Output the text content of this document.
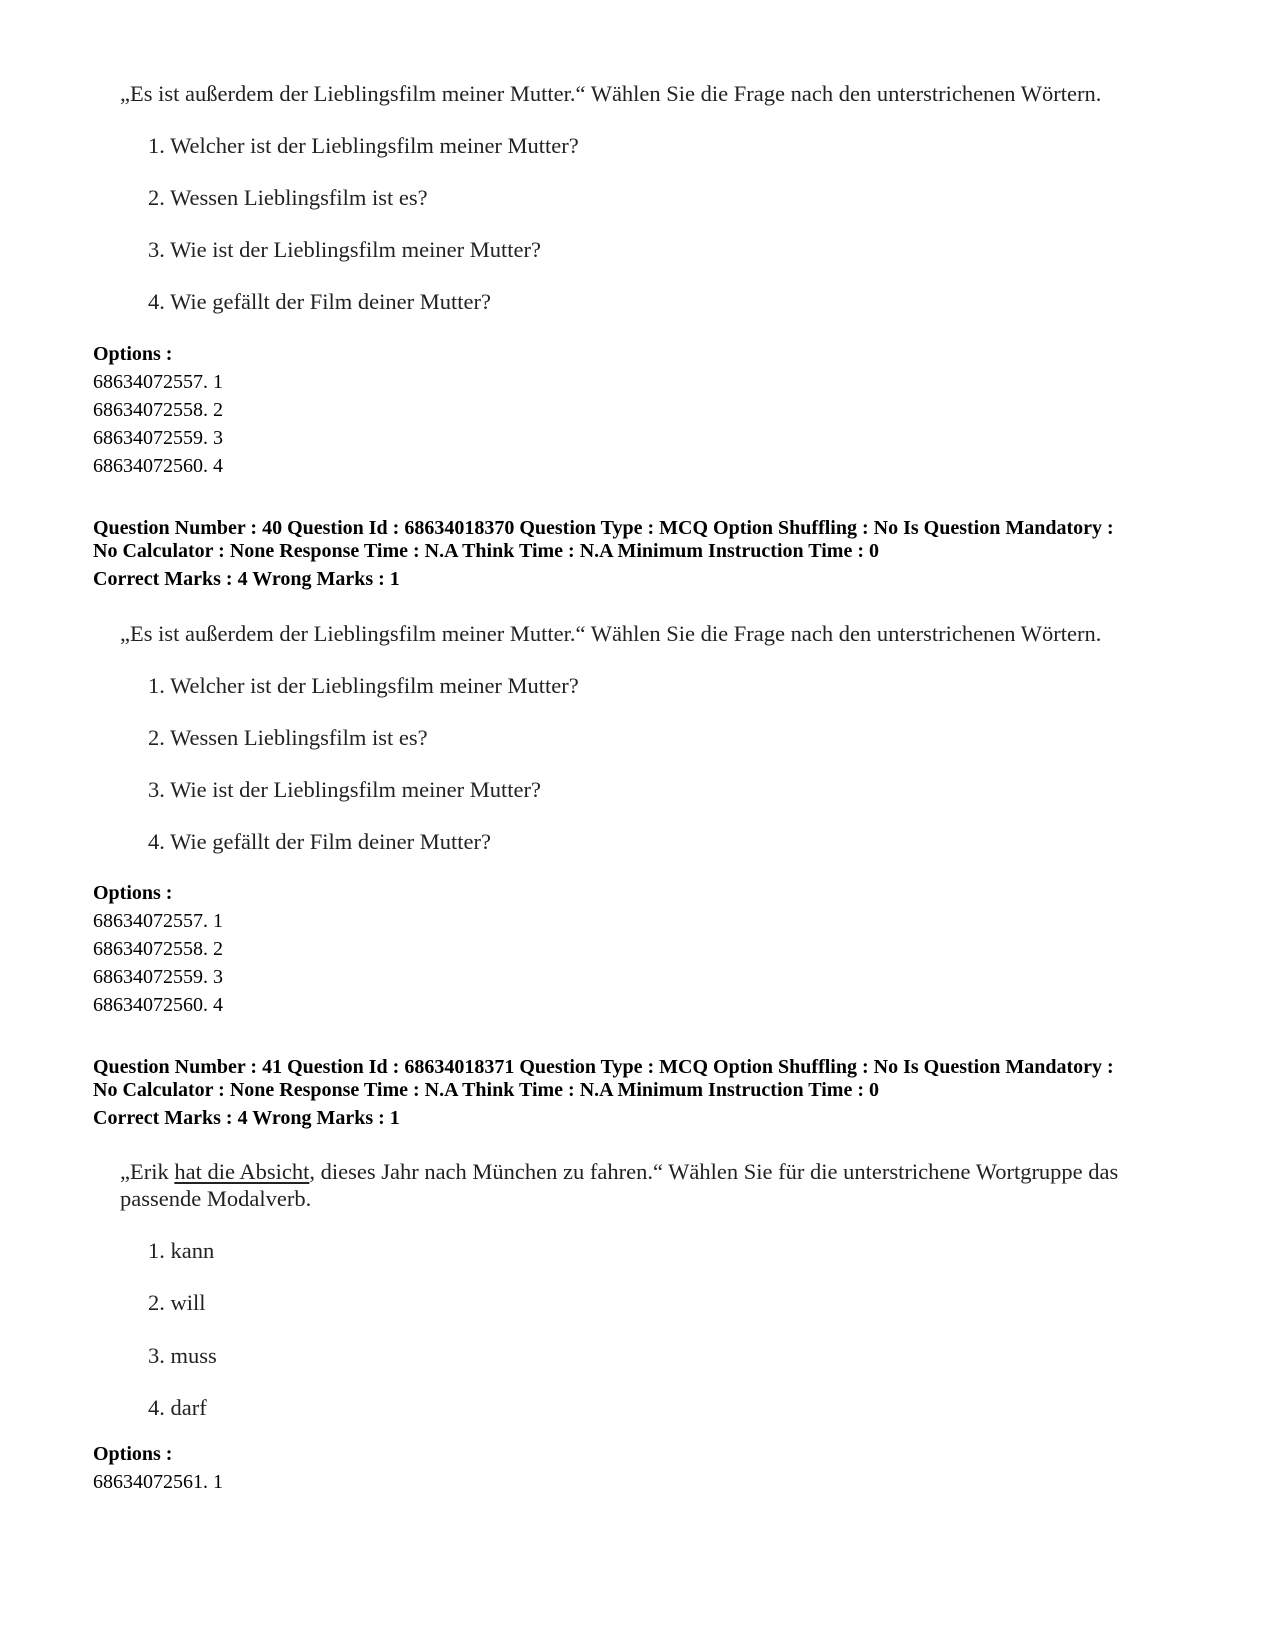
„Es ist außerdem der Lieblingsfilm meiner Mutter.“ Wählen Sie die Frage nach den unterstrichenen Wörtern.
1. Welcher ist der Lieblingsfilm meiner Mutter?
2. Wessen Lieblingsfilm ist es?
3. Wie ist der Lieblingsfilm meiner Mutter?
4. Wie gefällt der Film deiner Mutter?
Options :
68634072557. 1
68634072558. 2
68634072559. 3
68634072560. 4
Question Number : 40 Question Id : 68634018370 Question Type : MCQ Option Shuffling : No Is Question Mandatory :
No Calculator : None Response Time : N.A Think Time : N.A Minimum Instruction Time : 0
Correct Marks : 4 Wrong Marks : 1
„Es ist außerdem der Lieblingsfilm meiner Mutter.“ Wählen Sie die Frage nach den unterstrichenen Wörtern.
1. Welcher ist der Lieblingsfilm meiner Mutter?
2. Wessen Lieblingsfilm ist es?
3. Wie ist der Lieblingsfilm meiner Mutter?
4. Wie gefällt der Film deiner Mutter?
Options :
68634072557. 1
68634072558. 2
68634072559. 3
68634072560. 4
Question Number : 41 Question Id : 68634018371 Question Type : MCQ Option Shuffling : No Is Question Mandatory :
No Calculator : None Response Time : N.A Think Time : N.A Minimum Instruction Time : 0
Correct Marks : 4 Wrong Marks : 1
„Erik hat die Absicht, dieses Jahr nach München zu fahren.“ Wählen Sie für die unterstrichene Wortgruppe das
passende Modalverb.
1. kann
2. will
3. muss
4. darf
Options :
68634072561. 1
